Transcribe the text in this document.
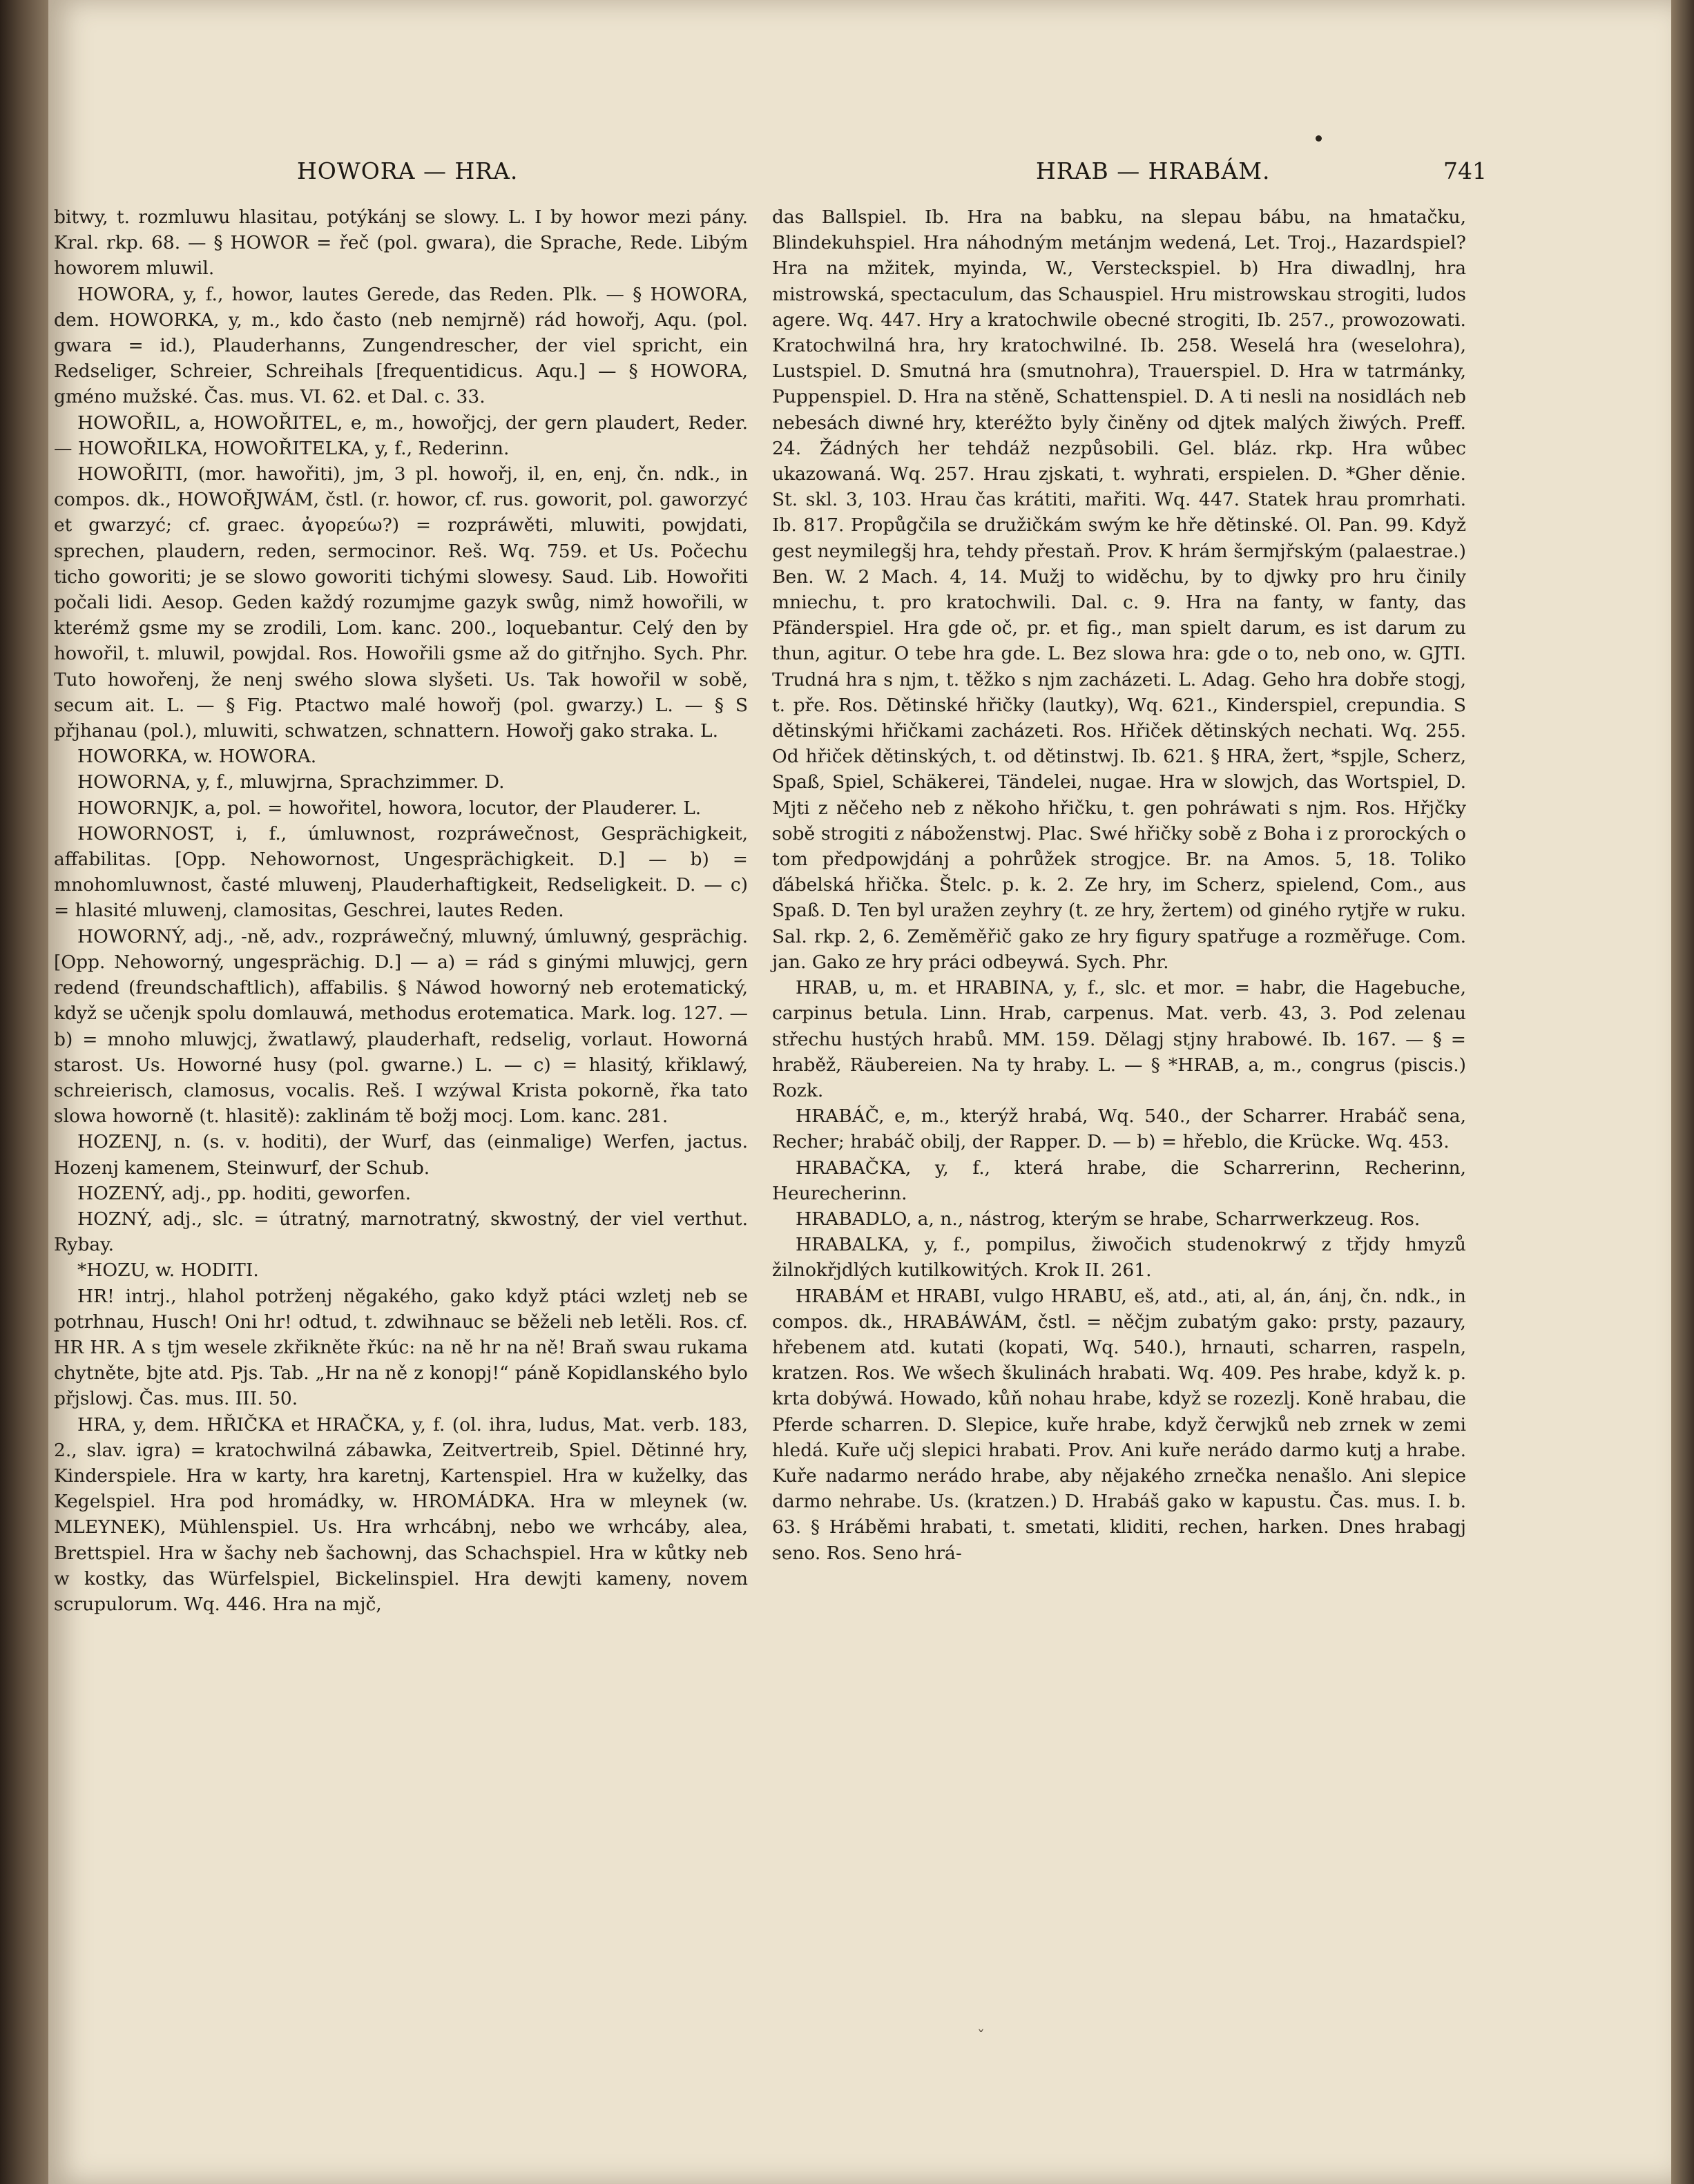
HOWORA — HRA.	HRAB — HRABÁM.	741

bitwy, t. rozmluwu hlasitau, potýkánj se slowy. L. I by howor mezi pány. Kral. rkp. 68. — § HOWOR = řeč (pol. gwara), die Sprache, Rede. Libým howorem mluwil.

HOWORA, y, f., howor, lautes Gerede, das Reden. Plk. — § HOWORA, dem. HOWORKA, y, m., kdo často (neb nemjrně) rád howořj, Aqu. (pol. gwara = id.), Plauderhanns, Zungendrescher, der viel spricht, ein Redseliger, Schreier, Schreihals [frequentidicus. Aqu.] — § HOWORA, gméno mužské. Čas. mus. VI. 62. et Dal. c. 33.

HOWOŘIL, a, HOWOŘITEL, e, m., howořjcj, der gern plaudert, Reder. — HOWOŘILKA, HOWOŘITELKA, y, f., Rederinn.

HOWOŘITI, (mor. hawořiti), jm, 3 pl. howořj, il, en, enj, čn. ndk., in compos. dk., HOWOŘJWÁM, čstl. (r. howor, cf. rus. goworit, pol. gaworzyć et gwarzyć; cf. graec. ἀγορεύω?) = rozpráwěti, mluwiti, powjdati, sprechen, plaudern, reden, sermocinor. Reš. Wq. 759. et Us. Počechu ticho goworiti; je se slowo goworiti tichými slowesy. Saud. Lib. Howořiti počali lidi. Aesop. Geden každý rozumjme gazyk swůg, nimž howořili, w kterémž gsme my se zrodili, Lom. kanc. 200., loquebantur. Celý den by howořil, t. mluwil, powjdal. Ros. Howořili gsme až do gitřnjho. Sych. Phr. Tuto howořenj, že nenj swého slowa slyšeti. Us. Tak howořil w sobě, secum ait. L. — § Fig. Ptactwo malé howořj (pol. gwarzy.) L. — § S přjhanau (pol.), mluwiti, schwatzen, schnattern. Howořj gako straka. L.

HOWORKA, w. HOWORA.

HOWORNA, y, f., mluwjrna, Sprachzimmer. D.

HOWORNJK, a, pol. = howořitel, howora, locutor, der Plauderer. L.

HOWORNOST, i, f., úmluwnost, rozpráwečnost, Gesprächigkeit, affabilitas. [Opp. Nehowornost, Ungesprächigkeit. D.] — b) = mnohomluwnost, časté mluwenj, Plauderhaftigkeit, Redseligkeit. D. — c) = hlasité mluwenj, clamositas, Geschrei, lautes Reden.

HOWORNÝ, adj., -ně, adv., rozpráwečný, mluwný, úmluwný, gesprächig. [Opp. Nehoworný, ungesprächig. D.] — a) = rád s ginými mluwjcj, gern redend (freundschaftlich), affabilis. § Náwod howorný neb erotematický, když se učenjk spolu domlauwá, methodus erotematica. Mark. log. 127. — b) = mnoho mluwjcj, žwatlawý, plauderhaft, redselig, vorlaut. Howorná starost. Us. Howorné husy (pol. gwarne.) L. — c) = hlasitý, křiklawý, schreierisch, clamosus, vocalis. Reš. I wzýwal Krista pokorně, řka tato slowa howorně (t. hlasitě): zaklinám tě božj mocj. Lom. kanc. 281.

HOZENJ, n. (s. v. hoditi), der Wurf, das (einmalige) Werfen, jactus. Hozenj kamenem, Steinwurf, der Schub.

HOZENÝ, adj., pp. hoditi, geworfen.

HOZNÝ, adj., slc. = útratný, marnotratný, skwostný, der viel verthut. Rybay.

*HOZU, w. HODITI.

HR! intrj., hlahol potrženj něgakého, gako když ptáci wzletj neb se potrhnau, Husch! Oni hr! odtud, t. zdwihnauc se běželi neb letěli. Ros. cf. HR HR. A s tjm wesele zkřikněte řkúc: na ně hr na ně! Braň swau rukama chytněte, bjte atd. Pjs. Tab. „Hr na ně z konopj!“ páně Kopidlanského bylo přjslowj. Čas. mus. III. 50.

HRA, y, dem. HŘIČKA et HRAČKA, y, f. (ol. ihra, ludus, Mat. verb. 183, 2., slav. igra) = kratochwilná zábawka, Zeitvertreib, Spiel. Dětinné hry, Kinderspiele. Hra w karty, hra karetnj, Kartenspiel. Hra w kuželky, das Kegelspiel. Hra pod hromádky, w. HROMÁDKA. Hra w mleynek (w. MLEYNEK), Mühlenspiel. Us. Hra wrhcábnj, nebo we wrhcáby, alea, Brettspiel. Hra w šachy neb šachownj, das Schachspiel. Hra w kůtky neb w kostky, das Würfelspiel, Bickelinspiel. Hra dewjti kameny, novem scrupulorum. Wq. 446. Hra na mjč,

das Ballspiel. Ib. Hra na babku, na slepau bábu, na hmatačku, Blindekuhspiel. Hra náhodným metánjm wedená, Let. Troj., Hazardspiel? Hra na mžitek, myinda, W., Versteckspiel. b) Hra diwadlnj, hra mistrowská, spectaculum, das Schauspiel. Hru mistrowskau strogiti, ludos agere. Wq. 447. Hry a kratochwile obecné strogiti, Ib. 257., prowozowati. Kratochwilná hra, hry kratochwilné. Ib. 258. Weselá hra (weselohra), Lustspiel. D. Smutná hra (smutnohra), Trauerspiel. D. Hra w tatrmánky, Puppenspiel. D. Hra na stěně, Schattenspiel. D. A ti nesli na nosidlách neb nebesách diwné hry, kteréžto byly činěny od djtek malých žiwých. Preff. 24. Žádných her tehdáž nezpůsobili. Gel. bláz. rkp. Hra wůbec ukazowaná. Wq. 257. Hrau zjskati, t. wyhrati, erspielen. D. *Gher děnie. St. skl. 3, 103. Hrau čas krátiti, mařiti. Wq. 447. Statek hrau promrhati. Ib. 817. Propůgčila se družičkám swým ke hře dětinské. Ol. Pan. 99. Když gest neymilegšj hra, tehdy přestaň. Prov. K hrám šermjřským (palaestrae.) Ben. W. 2 Mach. 4, 14. Mužj to widěchu, by to djwky pro hru činily mniechu, t. pro kratochwili. Dal. c. 9. Hra na fanty, w fanty, das Pfänderspiel. Hra gde oč, pr. et fig., man spielt darum, es ist darum zu thun, agitur. O tebe hra gde. L. Bez slowa hra: gde o to, neb ono, w. GJTI. Trudná hra s njm, t. těžko s njm zacházeti. L. Adag. Geho hra dobře stogj, t. pře. Ros. Dětinské hřičky (lautky), Wq. 621., Kinderspiel, crepundia. S dětinskými hřičkami zacházeti. Ros. Hřiček dětinských nechati. Wq. 255. Od hřiček dětinských, t. od dětinstwj. Ib. 621. § HRA, žert, *spjle, Scherz, Spaß, Spiel, Schäkerei, Tändelei, nugae. Hra w slowjch, das Wortspiel, D. Mjti z něčeho neb z někoho hřičku, t. gen pohráwati s njm. Ros. Hřjčky sobě strogiti z náboženstwj. Plac. Swé hřičky sobě z Boha i z prorockých o tom předpowjdánj a pohrůžek strogjce. Br. na Amos. 5, 18. Toliko ďábelská hřička. Štelc. p. k. 2. Ze hry, im Scherz, spielend, Com., aus Spaß. D. Ten byl uražen zeyhry (t. ze hry, žertem) od giného rytjře w ruku. Sal. rkp. 2, 6. Zeměměřič gako ze hry figury spatřuge a rozměřuge. Com. jan. Gako ze hry práci odbeywá. Sych. Phr.

HRAB, u, m. et HRABINA, y, f., slc. et mor. = habr, die Hagebuche, carpinus betula. Linn. Hrab, carpenus. Mat. verb. 43, 3. Pod zelenau střechu hustých hrabů. MM. 159. Dělagj stjny hrabowé. Ib. 167. — § = hraběž, Räubereien. Na ty hraby. L. — § *HRAB, a, m., congrus (piscis.) Rozk.

HRABÁČ, e, m., kterýž hrabá, Wq. 540., der Scharrer. Hrabáč sena, Recher; hrabáč obilj, der Rapper. D. — b) = hřeblo, die Krücke. Wq. 453.

HRABAČKA, y, f., která hrabe, die Scharrerinn, Recherinn, Heurecherinn.

HRABADLO, a, n., nástrog, kterým se hrabe, Scharrwerkzeug. Ros.

HRABALKA, y, f., pompilus, žiwočich studenokrwý z třjdy hmyzů žilnokřjdlých kutilkowitých. Krok II. 261.

HRABÁM et HRABI, vulgo HRABU, eš, atd., ati, al, án, ánj, čn. ndk., in compos. dk., HRABÁWÁM, čstl. = něčjm zubatým gako: prsty, pazaury, hřebenem atd. kutati (kopati, Wq. 540.), hrnauti, scharren, raspeln, kratzen. Ros. We wšech škulinách hrabati. Wq. 409. Pes hrabe, když k. p. krta dobýwá. Howado, kůň nohau hrabe, když se rozezlj. Koně hrabau, die Pferde scharren. D. Slepice, kuře hrabe, když čerwjků neb zrnek w zemi hledá. Kuře učj slepici hrabati. Prov. Ani kuře nerádo darmo kutj a hrabe. Kuře nadarmo nerádo hrabe, aby nějakého zrnečka nenašlo. Ani slepice darmo nehrabe. Us. (kratzen.) D. Hrabáš gako w kapustu. Čas. mus. I. b. 63. § Hráběmi hrabati, t. smetati, kliditi, rechen, harken. Dnes hrabagj seno. Ros. Seno hrá-

ˇ
